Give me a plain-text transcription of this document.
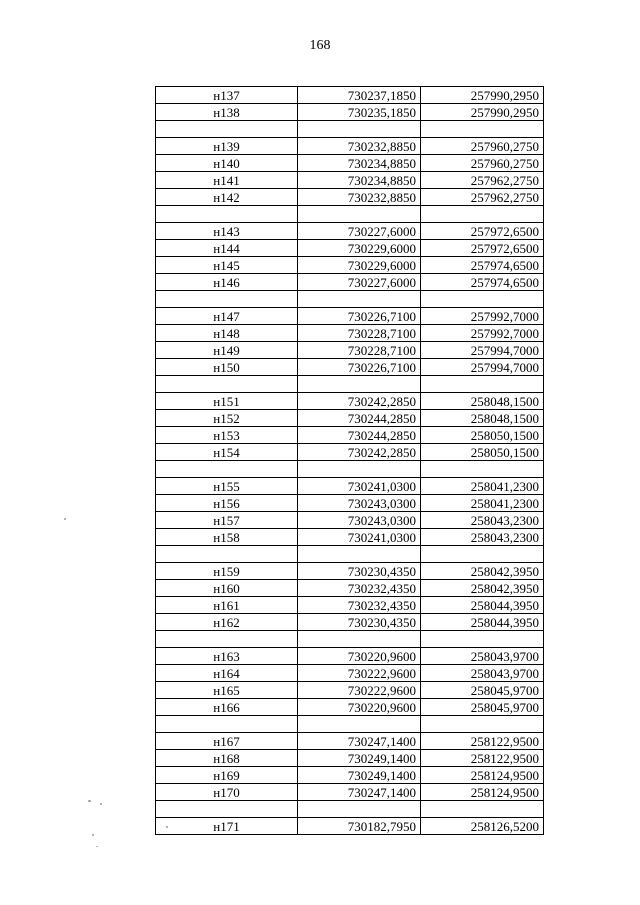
168
н137	730237,1850	257990,2950
н138	730235,1850	257990,2950

н139	730232,8850	257960,2750
н140	730234,8850	257960,2750
н141	730234,8850	257962,2750
н142	730232,8850	257962,2750

н143	730227,6000	257972,6500
н144	730229,6000	257972,6500
н145	730229,6000	257974,6500
н146	730227,6000	257974,6500

н147	730226,7100	257992,7000
н148	730228,7100	257992,7000
н149	730228,7100	257994,7000
н150	730226,7100	257994,7000

н151	730242,2850	258048,1500
н152	730244,2850	258048,1500
н153	730244,2850	258050,1500
н154	730242,2850	258050,1500

н155	730241,0300	258041,2300
н156	730243,0300	258041,2300
н157	730243,0300	258043,2300
н158	730241,0300	258043,2300

н159	730230,4350	258042,3950
н160	730232,4350	258042,3950
н161	730232,4350	258044,3950
н162	730230,4350	258044,3950

н163	730220,9600	258043,9700
н164	730222,9600	258043,9700
н165	730222,9600	258045,9700
н166	730220,9600	258045,9700

н167	730247,1400	258122,9500
н168	730249,1400	258122,9500
н169	730249,1400	258124,9500
н170	730247,1400	258124,9500

н171	730182,7950	258126,5200
